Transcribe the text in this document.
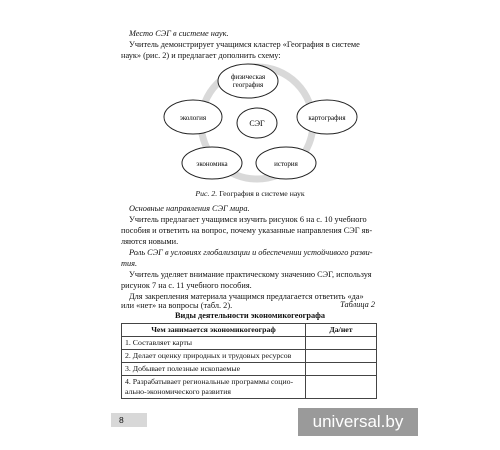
Место СЭГ в системе наук.
Учитель демонстрирует учащимся кластер «География в системе
наук» (рис. 2) и предлагает дополнить схему:
СЭГ
физическая
география
картография
экология
экономика	история
Рис. 2. География в системе наук
Основные направления СЭГ мира.
Учитель предлагает учащимся изучить рисунок 6 на с. 10 учебного
пособия и ответить на вопрос, почему указанные направления СЭГ яв-
ляются новыми.
Роль СЭГ в условиях глобализации и обеспечении устойчивого разви-
тия.
Учитель уделяет внимание практическому значению СЭГ, используя
рисунок 7 на с. 11 учебного пособия.
Для закрепления материала учащимся предлагается ответить «да»
или «нет» на вопросы (табл. 2).	Таблица 2
Виды деятельности экономикогеографа
Чем занимается экономикогеограф	Да/нет
1. Составляет карты	
2. Делает оценку природных и трудовых ресурсов	
3. Добывает полезные ископаемые	
4. Разрабатывает региональные программы социо-
ально-экономического развития	
8	universal.by
